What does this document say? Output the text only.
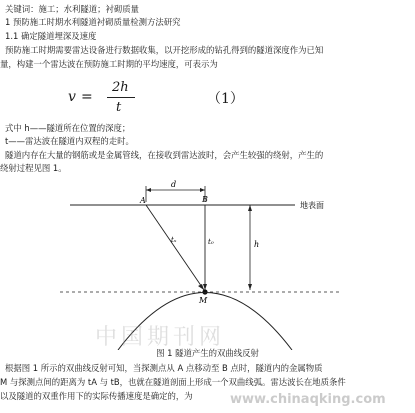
关键词：施工；水利隧道；衬砌质量
1 预防施工时期水利隧道衬砌质量检测方法研究
1.1 确定隧道埋深及速度
预防施工时期需要雷达设备进行数据收集，以开挖形成的钻孔得到的隧道深度作为已知
量，构建一个雷达波在预防施工时期的平均速度，可表示为
v =
2h
t
（1）
式中 h——隧道所在位置的深度；
t——雷达波在隧道内双程的走时。
隧道内存在大量的钢筋或是金属管线，在接收到雷达波时，会产生较强的绕射，产生的
绕射过程见图 1。
d
A	B
地表面
tₓ	t₀	h
M
中国期刊网
图 1 隧道产生的双曲线反射
根据图 1 所示的双曲线反射可知，当探测点从 A 点移动至 B 点时，隧道内的金属物质
M 与探测点间的距离为 tA 与 tB，也就在隧道剖面上形成一个双曲线弧。雷达波长在地质条件
以及隧道的双重作用下的实际传播速度是确定的，为	www.chinaqking.com
